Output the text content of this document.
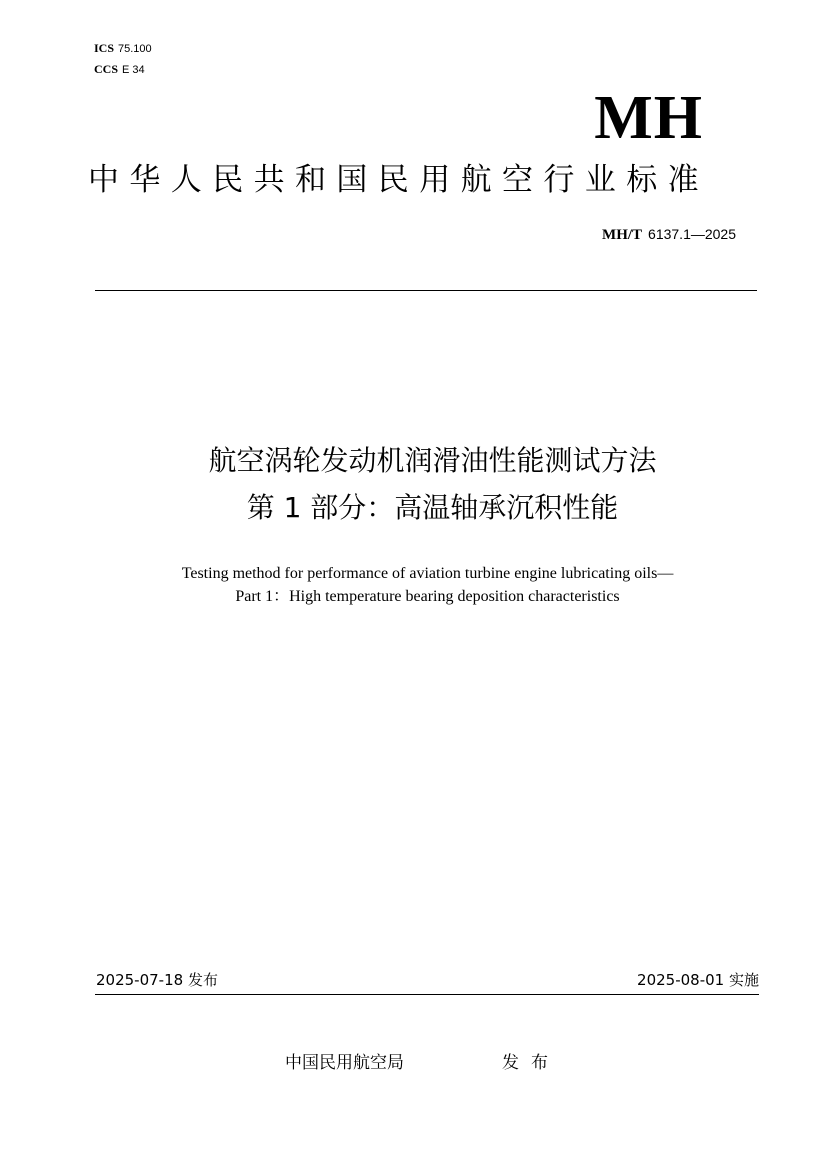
ICS 75.100
CCS E 34
MH
中华人民共和国民用航空行业标准
MH/T 6137.1—2025
航空涡轮发动机润滑油性能测试方法
第 1 部分：高温轴承沉积性能
Testing method for performance of aviation turbine engine lubricating oils—
Part 1：High temperature bearing deposition characteristics
2025-07-18 发布	2025-08-01 实施
中国民用航空局	发布
